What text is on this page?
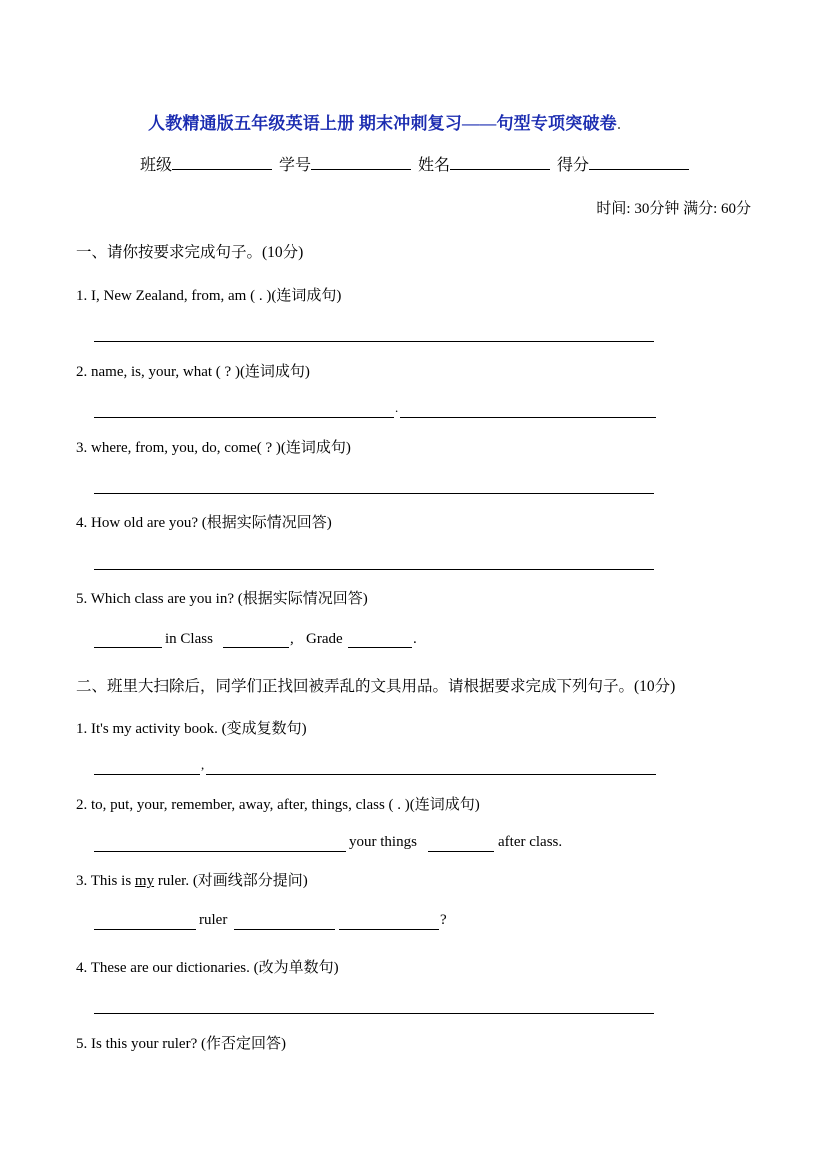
人教精通版五年级英语上册 期末冲刺复习——句型专项突破卷.
班级	学号	姓名	得分
时间: 30分钟 满分: 60分
一、请你按要求完成句子。(10分)
1. I, New Zealand, from, am ( . )(连词成句)
2. name, is, your, what ( ? )(连词成句)
.
3. where, from, you, do, come( ? )(连词成句)
4. How old are you? (根据实际情况回答)
5. Which class are you in? (根据实际情况回答)
in Class	, Grade	.
二、班里大扫除后，同学们正找回被弄乱的文具用品。请根据要求完成下列句子。(10分)
1. It's my activity book. (变成复数句)
,
2. to, put, your, remember, away, after, things, class ( . )(连词成句)
your things	after class.
3. This is my ruler. (对画线部分提问)
ruler	?
4. These are our dictionaries. (改为单数句)
5. Is this your ruler? (作否定回答)
